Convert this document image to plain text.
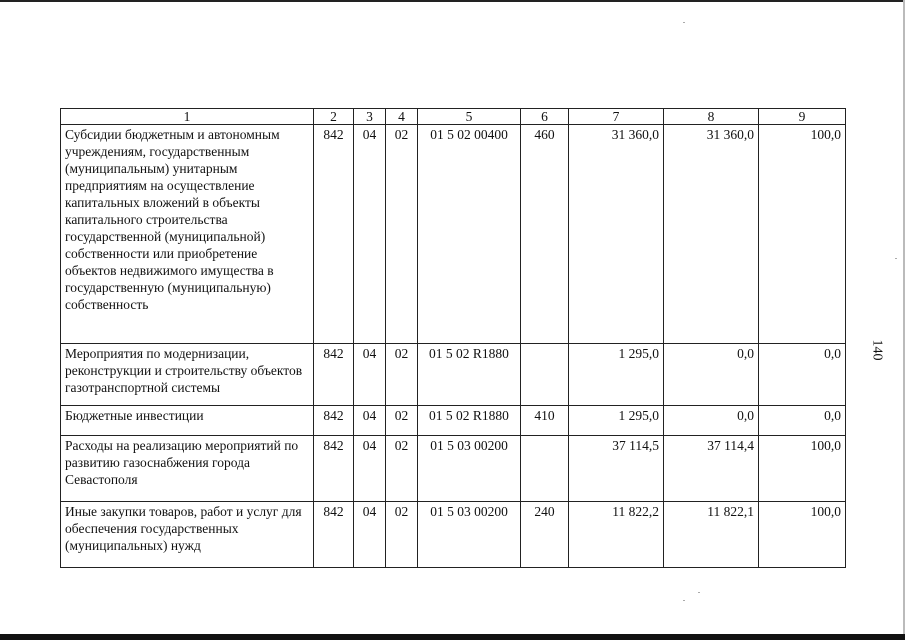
1	2	3	4	5	6	7	8	9
Субсидии бюджетным и автономным учреждениям, государственным (муниципальным) унитарным предприятиям на осуществление капитальных вложений в объекты капитального строительства государственной (муниципальной) собственности или приобретение объектов недвижимого имущества в государственную (муниципальную) собственность	842	04	02	01 5 02 00400	460	31 360,0	31 360,0	100,0
Мероприятия по модернизации, реконструкции и строительству объектов газотранспортной системы	842	04	02	01 5 02 R1880		1 295,0	0,0	0,0
Бюджетные инвестиции	842	04	02	01 5 02 R1880	410	1 295,0	0,0	0,0
Расходы на реализацию мероприятий по развитию газоснабжения города Севастополя	842	04	02	01 5 03 00200		37 114,5	37 114,4	100,0
Иные закупки товаров, работ и услуг для обеспечения государственных (муниципальных) нужд	842	04	02	01 5 03 00200	240	11 822,2	11 822,1	100,0
140
